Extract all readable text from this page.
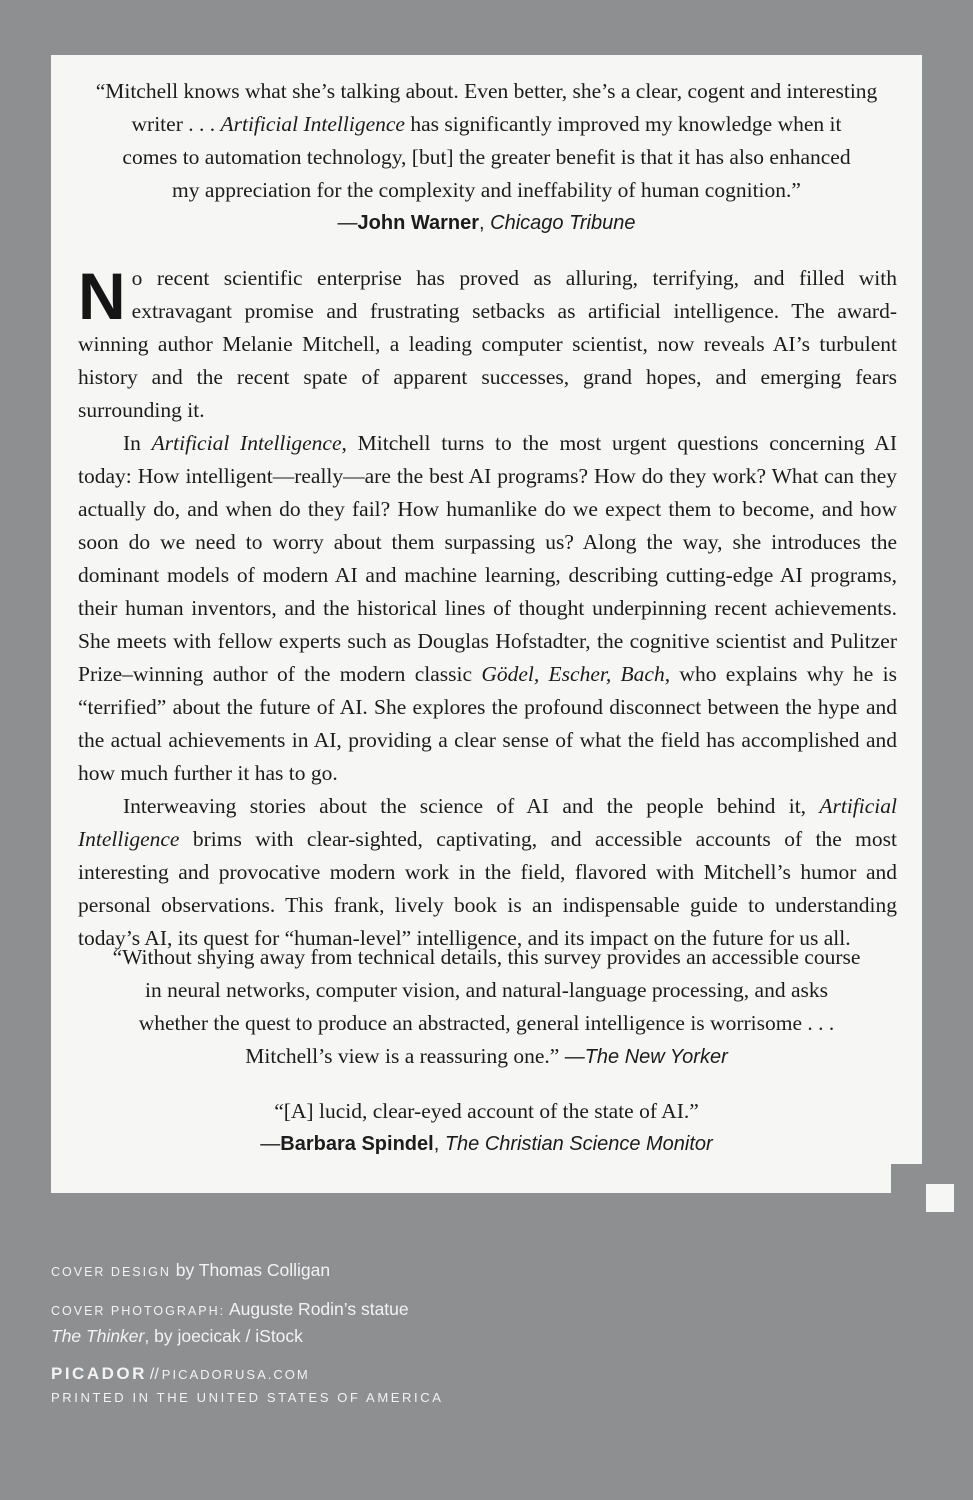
“Mitchell knows what she’s talking about. Even better, she’s a clear, cogent and interesting

writer . . . Artificial Intelligence has significantly improved my knowledge when it

comes to automation technology, [but] the greater benefit is that it has also enhanced

my appreciation for the complexity and ineffability of human cognition.”

—John Warner, Chicago Tribune

No recent scientific enterprise has proved as alluring, terrifying, and filled with extravagant promise and frustrating setbacks as artificial intelligence. The award-winning author Melanie Mitchell, a leading computer scientist, now reveals AI’s turbulent history and the recent spate of apparent successes, grand hopes, and emerging fears surrounding it.

In Artificial Intelligence, Mitchell turns to the most urgent questions concerning AI today: How intelligent—really—are the best AI programs? How do they work? What can they actually do, and when do they fail? How humanlike do we expect them to become, and how soon do we need to worry about them surpassing us? Along the way, she introduces the dominant models of modern AI and machine learning, describing cutting-edge AI programs, their human inventors, and the historical lines of thought underpinning recent achievements. She meets with fellow experts such as Douglas Hofstadter, the cognitive scientist and Pulitzer Prize–winning author of the modern classic Gödel, Escher, Bach, who explains why he is “terrified” about the future of AI. She explores the profound disconnect between the hype and the actual achievements in AI, providing a clear sense of what the field has accomplished and how much further it has to go.

Interweaving stories about the science of AI and the people behind it, Artificial Intelligence brims with clear-sighted, captivating, and accessible accounts of the most interesting and provocative modern work in the field, flavored with Mitchell’s humor and personal observations. This frank, lively book is an indispensable guide to understanding today’s AI, its quest for “human-level” intelligence, and its impact on the future for us all.

“Without shying away from technical details, this survey provides an accessible course

in neural networks, computer vision, and natural-language processing, and asks

whether the quest to produce an abstracted, general intelligence is worrisome . . .

Mitchell’s view is a reassuring one.” —The New Yorker

“[A] lucid, clear-eyed account of the state of AI.”

—Barbara Spindel, The Christian Science Monitor

COVER DESIGN by Thomas Colligan
COVER PHOTOGRAPH: Auguste Rodin’s statue
The Thinker, by joecicak / iStock
PICADOR // PICADORUSA.COM
PRINTED IN THE UNITED STATES OF AMERICA
